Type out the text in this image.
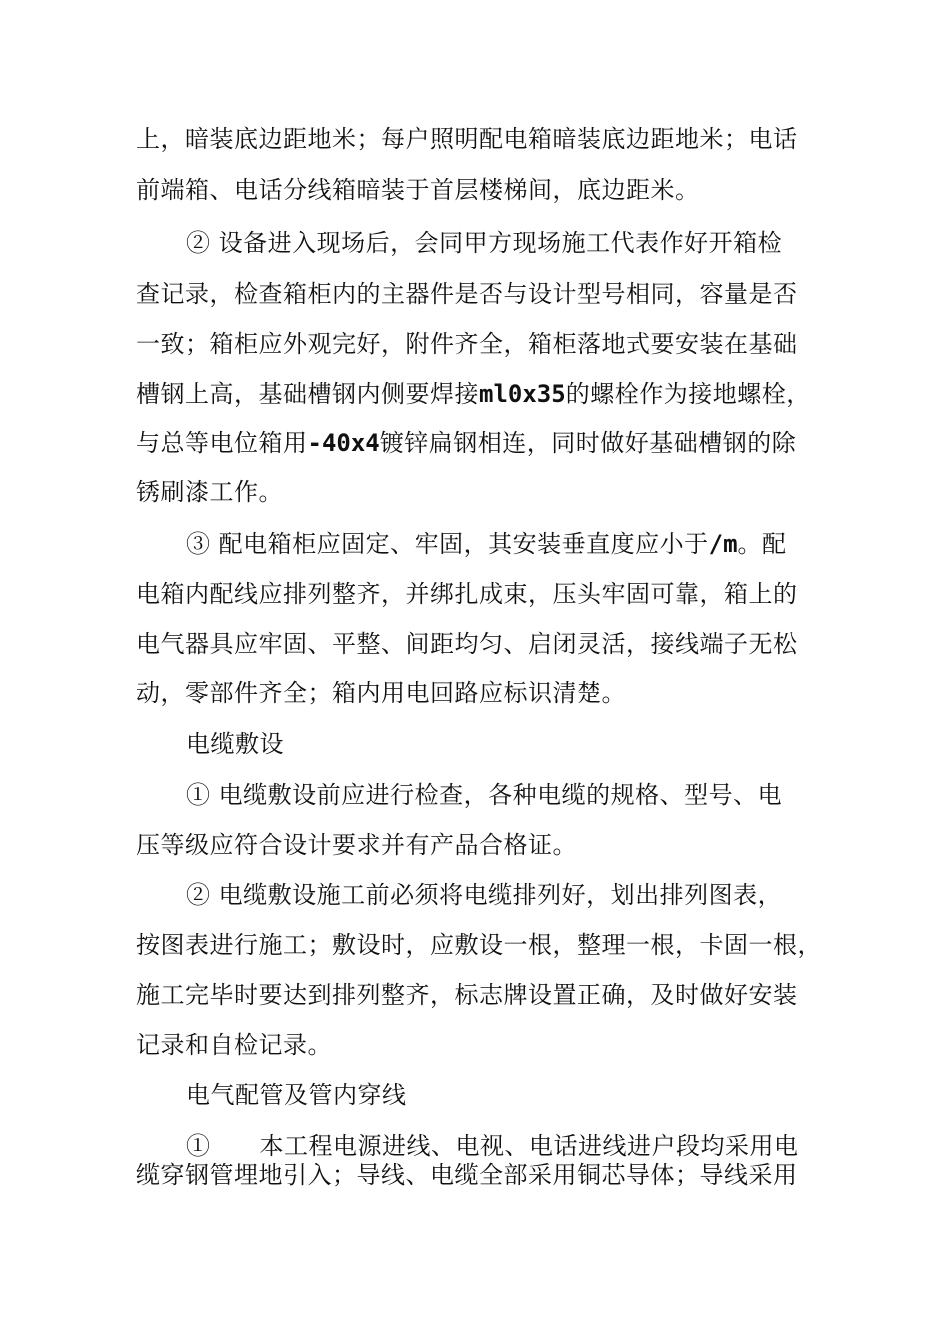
上，暗装底边距地米；每户照明配电箱暗装底边距地米；电话
前端箱、电话分线箱暗装于首层楼梯间，底边距米。
② 设备进入现场后，会同甲方现场施工代表作好开箱检
查记录，检查箱柜内的主器件是否与设计型号相同，容量是否
一致；箱柜应外观完好，附件齐全，箱柜落地式要安装在基础
槽钢上高，基础槽钢内侧要焊接ml0x35的螺栓作为接地螺栓，
与总等电位箱用-40x4镀锌扁钢相连，同时做好基础槽钢的除
锈刷漆工作。
③ 配电箱柜应固定、牢固，其安装垂直度应小于/m。配
电箱内配线应排列整齐，并绑扎成束，压头牢固可靠，箱上的
电气器具应牢固、平整、间距均匀、启闭灵活，接线端子无松
动，零部件齐全；箱内用电回路应标识清楚。
电缆敷设
① 电缆敷设前应进行检查，各种电缆的规格、型号、电
压等级应符合设计要求并有产品合格证。
② 电缆敷设施工前必须将电缆排列好，划出排列图表，
按图表进行施工；敷设时，应敷设一根，整理一根，卡固一根，
施工完毕时要达到排列整齐，标志牌设置正确，及时做好安装
记录和自检记录。
电气配管及管内穿线
①　　本工程电源进线、电视、电话进线进户段均采用电
缆穿钢管埋地引入；导线、电缆全部采用铜芯导体；导线采用
